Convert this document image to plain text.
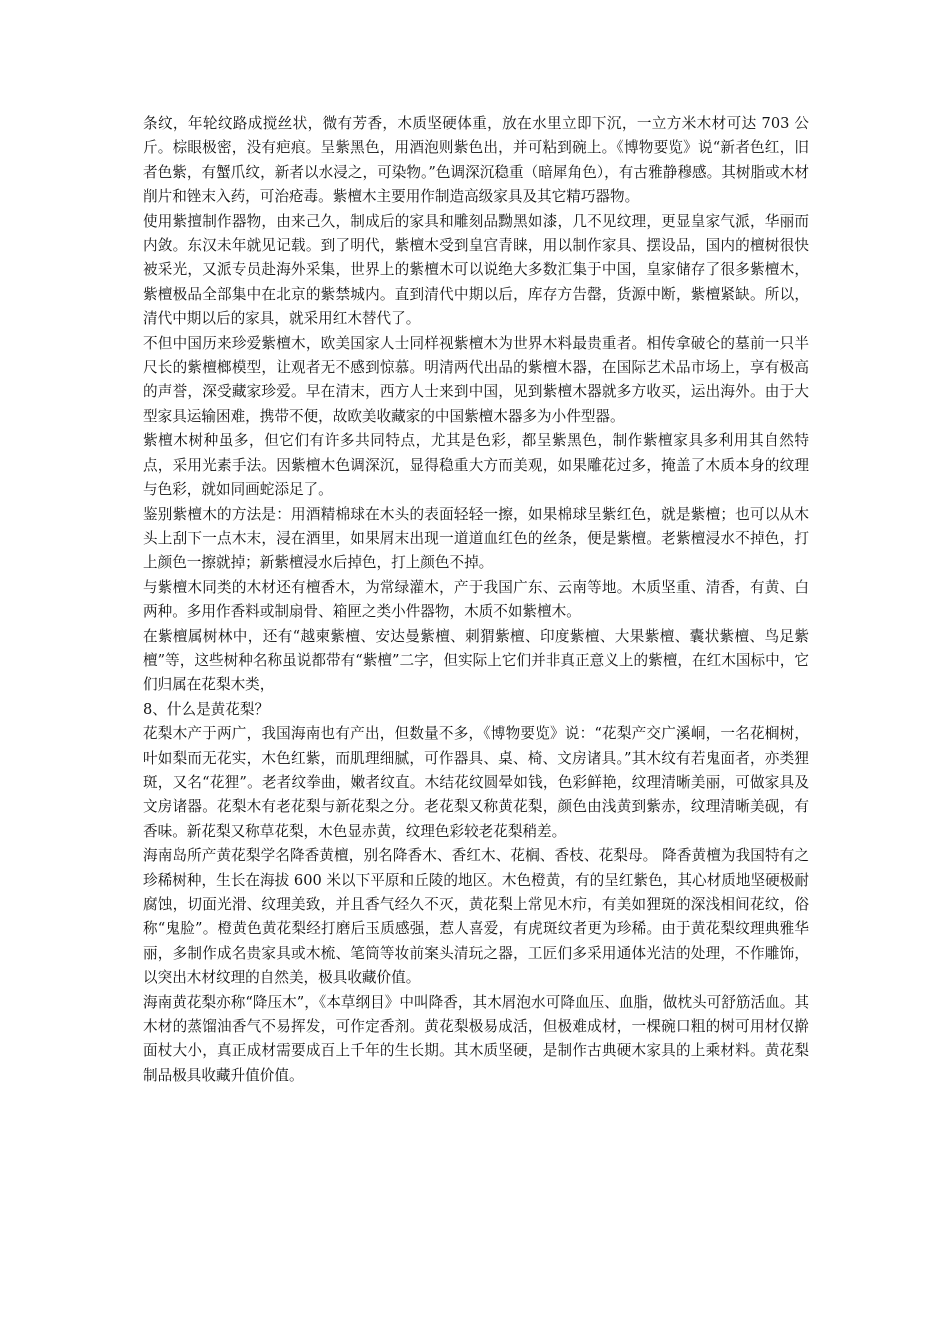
条纹，年轮纹路成搅丝状，微有芳香，木质坚硬体重，放在水里立即下沉，一立方米木材可达 703 公斤。棕眼极密，没有疤痕。呈紫黑色，用酒泡则紫色出，并可粘到碗上。《博物要览》说“新者色红，旧者色紫，有蟹爪纹，新者以水浸之，可染物。”色调深沉稳重（暗犀角色），有古雅静穆感。其树脂或木材削片和锉末入药，可治疮毒。紫檀木主要用作制造高级家具及其它精巧器物。

使用紫擅制作器物，由来己久，制成后的家具和雕刻品黝黑如漆，几不见纹理，更显皇家气派，华丽而内敛。东汉未年就见记载。到了明代，紫檀木受到皇宫青睐，用以制作家具、摆设品，国内的檀树很快被采光，又派专员赴海外采集，世界上的紫檀木可以说绝大多数汇集于中国，皇家储存了很多紫檀木，紫檀极品全部集中在北京的紫禁城内。直到清代中期以后，库存方告罄，货源中断，紫檀紧缺。所以，清代中期以后的家具，就采用红木替代了。

不但中国历来珍爱紫檀木，欧美国家人士同样视紫檀木为世界木料最贵重者。相传拿破仑的墓前一只半尺长的紫檀榔模型，让观者无不感到惊慕。明清两代出品的紫檀木器，在国际艺术品市场上，享有极高的声誉，深受藏家珍爱。早在清末，西方人士来到中国，见到紫檀木器就多方收买，运出海外。由于大型家具运输困难，携带不便，故欧美收藏家的中国紫檀木器多为小件型器。

紫檀木树种虽多，但它们有许多共同特点，尤其是色彩，都呈紫黑色，制作紫檀家具多利用其自然特点，采用光素手法。因紫檀木色调深沉，显得稳重大方而美观，如果雕花过多，掩盖了木质本身的纹理与色彩，就如同画蛇添足了。

鉴别紫檀木的方法是：用酒精棉球在木头的表面轻轻一擦，如果棉球呈紫红色，就是紫檀；也可以从木头上刮下一点木末，浸在酒里，如果屑末出现一道道血红色的丝条，便是紫檀。老紫檀浸水不掉色，打上颜色一擦就掉；新紫檀浸水后掉色，打上颜色不掉。

与紫檀木同类的木材还有檀香木，为常绿灌木，产于我国广东、云南等地。木质坚重、清香，有黄、白两种。多用作香料或制扇骨、箱匣之类小件器物，木质不如紫檀木。

在紫檀属树林中，还有“越柬紫檀、安达曼紫檀、刺猬紫檀、印度紫檀、大果紫檀、囊状紫檀、鸟足紫檀”等，这些树种名称虽说都带有“紫檀”二字，但实际上它们并非真正意义上的紫檀，在红木国标中，它们归属在花梨木类，

8、什么是黄花梨？

花梨木产于两广，我国海南也有产出，但数量不多，《博物要览》说：“花梨产交广溪峒，一名花榈树，叶如梨而无花实，木色红紫，而肌理细腻，可作器具、桌、椅、文房诸具。”其木纹有若鬼面者，亦类狸斑，又名“花狸”。老者纹拳曲，嫩者纹直。木结花纹圆晕如钱，色彩鲜艳，纹理清晰美丽，可做家具及文房诸器。花梨木有老花梨与新花梨之分。老花梨又称黄花梨，颜色由浅黄到紫赤，纹理清晰美砚，有香味。新花梨又称草花梨，木色显赤黄，纹理色彩较老花梨稍差。

海南岛所产黄花梨学名降香黄檀，别名降香木、香红木、花榈、香枝、花梨母。 降香黄檀为我国特有之珍稀树种，生长在海拔 600 米以下平原和丘陵的地区。木色橙黄，有的呈红紫色，其心材质地坚硬极耐腐蚀，切面光滑、纹理美致，并且香气经久不灭，黄花梨上常见木疖，有美如狸斑的深浅相间花纹，俗称“鬼脸”。橙黄色黄花梨经打磨后玉质感强，惹人喜爱，有虎斑纹者更为珍稀。由于黄花梨纹理典雅华丽，多制作成名贵家具或木梳、笔筒等妆前案头清玩之器，工匠们多采用通体光洁的处理，不作雕饰，以突出木材纹理的自然美，极具收藏价值。

海南黄花梨亦称“降压木”，《本草纲目》中叫降香，其木屑泡水可降血压、血脂，做枕头可舒筋活血。其木材的蒸馏油香气不易挥发，可作定香剂。黄花梨极易成活，但极难成材，一棵碗口粗的树可用材仅擀面杖大小，真正成材需要成百上千年的生长期。其木质坚硬，是制作古典硬木家具的上乘材料。黄花梨制品极具收藏升值价值。
